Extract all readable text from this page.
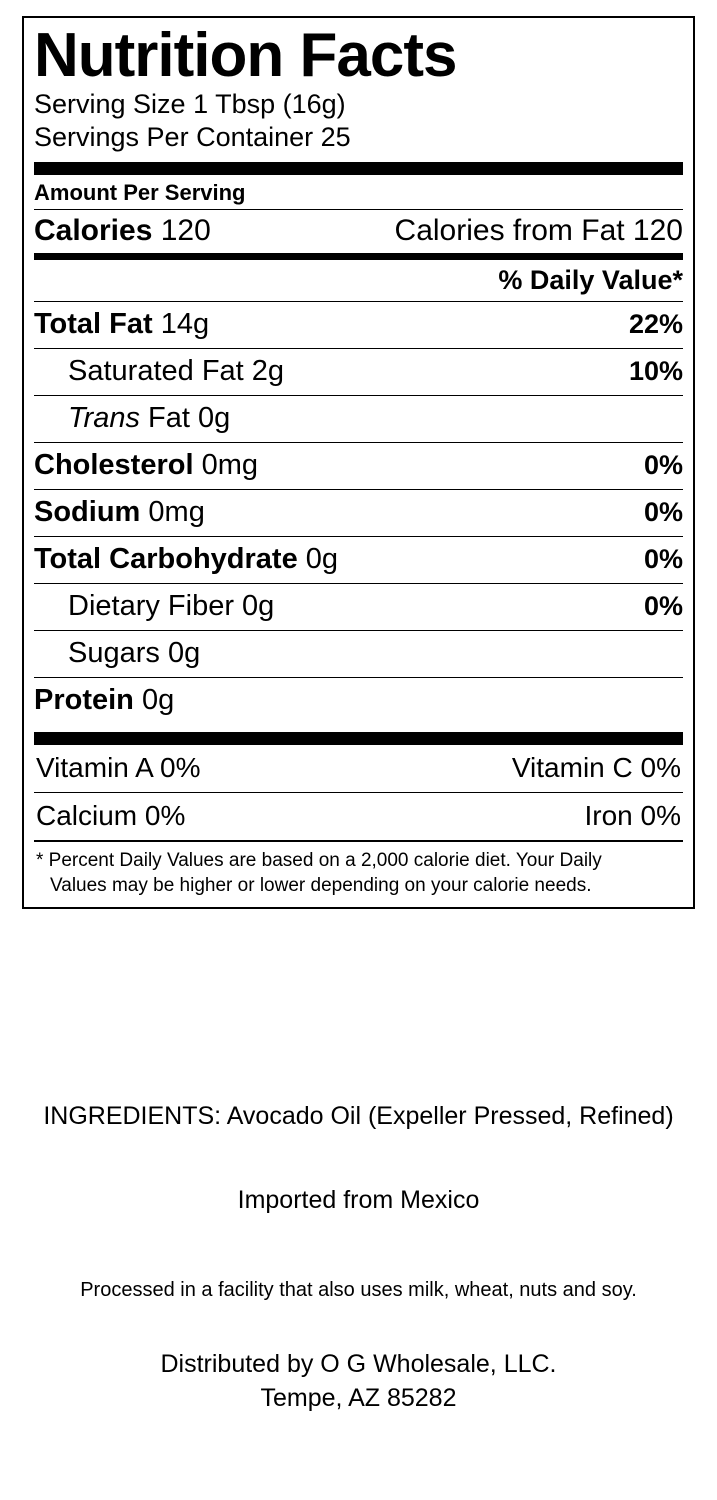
Nutrition Facts
Serving Size 1 Tbsp (16g)
Servings Per Container 25
Amount Per Serving
Calories 120	Calories from Fat 120
% Daily Value*
Total Fat 14g	22%
Saturated Fat 2g	10%
Trans Fat 0g
Cholesterol 0mg	0%
Sodium 0mg	0%
Total Carbohydrate 0g	0%
Dietary Fiber 0g	0%
Sugars 0g
Protein 0g
Vitamin A 0%	Vitamin C 0%
Calcium 0%	Iron 0%
* Percent Daily Values are based on a 2,000 calorie diet. Your Daily
Values may be higher or lower depending on your calorie needs.
INGREDIENTS: Avocado Oil (Expeller Pressed, Refined)
Imported from Mexico
Processed in a facility that also uses milk, wheat, nuts and soy.
Distributed by O G Wholesale, LLC.
Tempe, AZ 85282
